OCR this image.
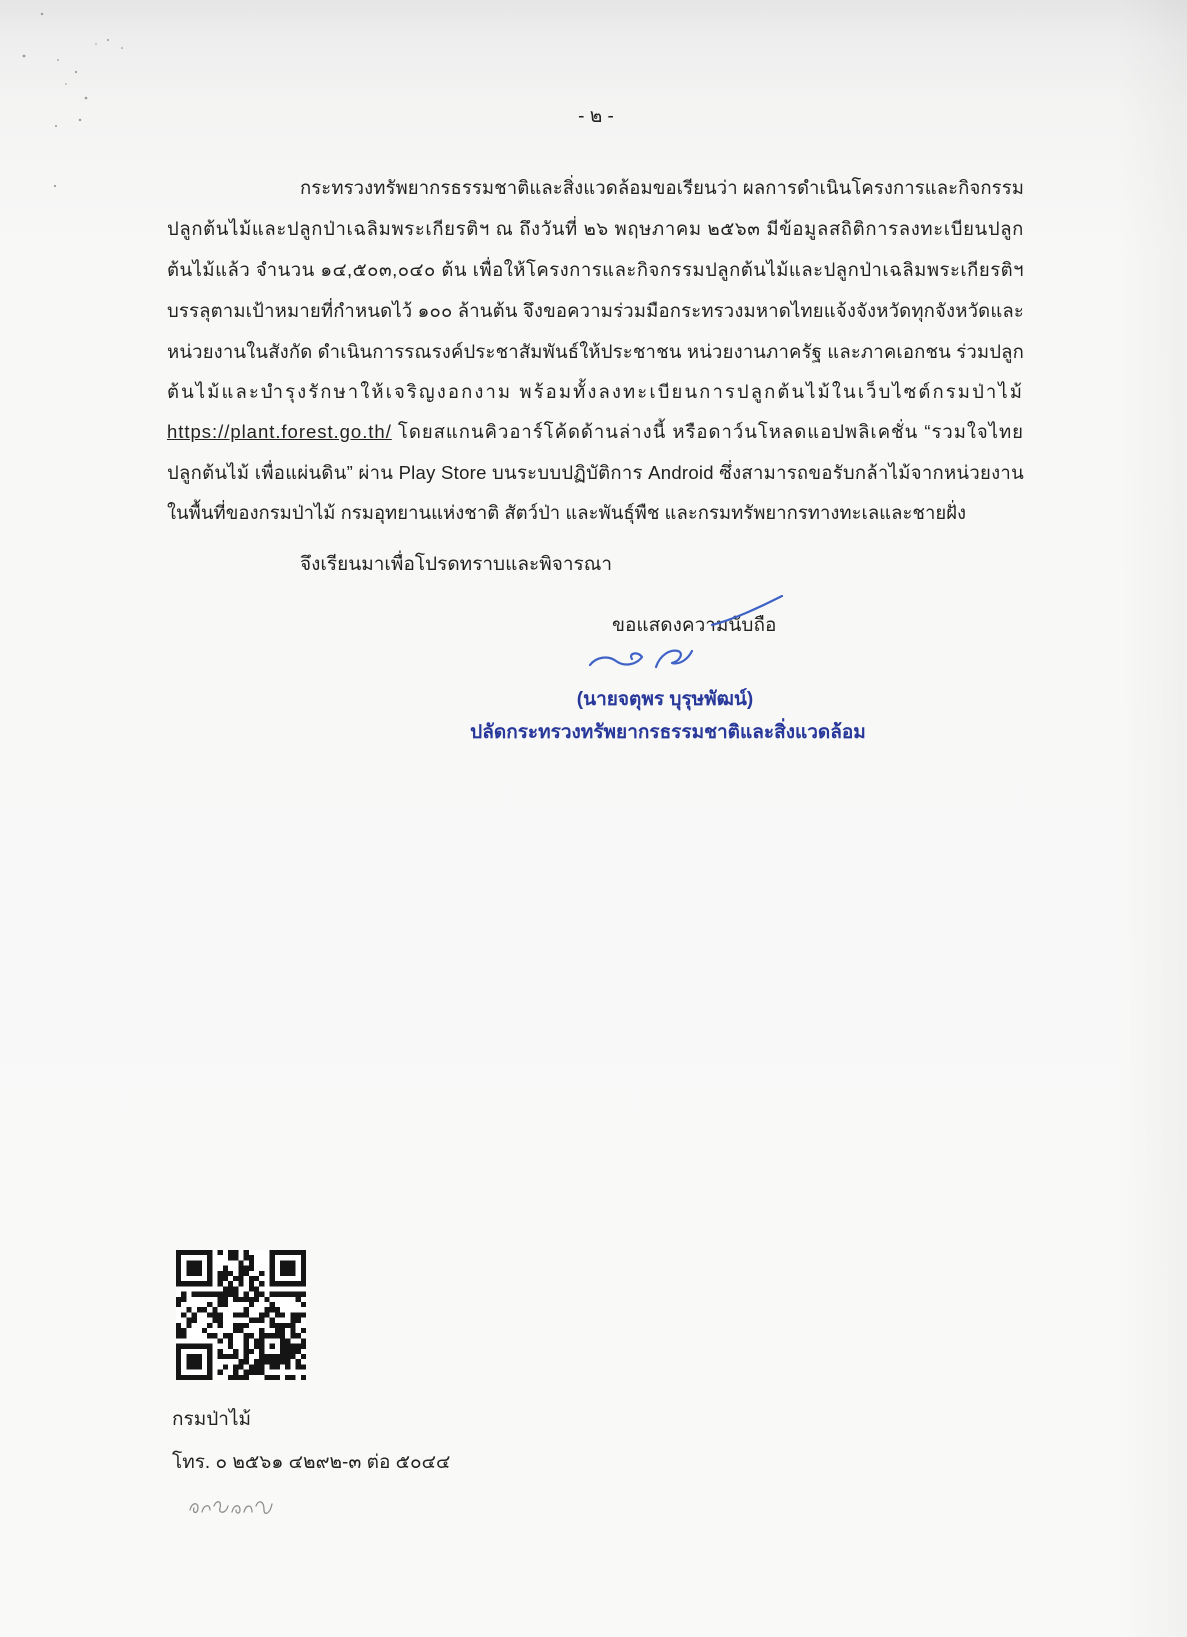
- ๒ -
กระทรวงทรัพยากรธรรมชาติและสิ่งแวดล้อมขอเรียนว่า ผลการดำเนินโครงการและกิจกรรม
ปลูกต้นไม้และปลูกป่าเฉลิมพระเกียรติฯ ณ ถึงวันที่ ๒๖ พฤษภาคม ๒๕๖๓ มีข้อมูลสถิติการลงทะเบียนปลูก
ต้นไม้แล้ว จำนวน ๑๔,๕๐๓,๐๔๐ ต้น เพื่อให้โครงการและกิจกรรมปลูกต้นไม้และปลูกป่าเฉลิมพระเกียรติฯ
บรรลุตามเป้าหมายที่กำหนดไว้ ๑๐๐ ล้านต้น จึงขอความร่วมมือกระทรวงมหาดไทยแจ้งจังหวัดทุกจังหวัดและ
หน่วยงานในสังกัด ดำเนินการรณรงค์ประชาสัมพันธ์ให้ประชาชน หน่วยงานภาครัฐ และภาคเอกชน ร่วมปลูก
ต้นไม้และบำรุงรักษาให้เจริญงอกงาม พร้อมทั้งลงทะเบียนการปลูกต้นไม้ในเว็บไซต์กรมป่าไม้
https://plant.forest.go.th/ โดยสแกนคิวอาร์โค้ดด้านล่างนี้ หรือดาว์นโหลดแอปพลิเคชั่น “รวมใจไทย
ปลูกต้นไม้ เพื่อแผ่นดิน” ผ่าน Play Store บนระบบปฏิบัติการ Android ซึ่งสามารถขอรับกล้าไม้จากหน่วยงาน
ในพื้นที่ของกรมป่าไม้ กรมอุทยานแห่งชาติ สัตว์ป่า และพันธุ์พืช และกรมทรัพยากรทางทะเลและชายฝั่ง
จึงเรียนมาเพื่อโปรดทราบและพิจารณา
ขอแสดงความนับถือ
(นายจตุพร บุรุษพัฒน์)
ปลัดกระทรวงทรัพยากรธรรมชาติและสิ่งแวดล้อม
กรมป่าไม้
โทร. ๐ ๒๕๖๑ ๔๒๙๒-๓ ต่อ ๕๐๔๔
